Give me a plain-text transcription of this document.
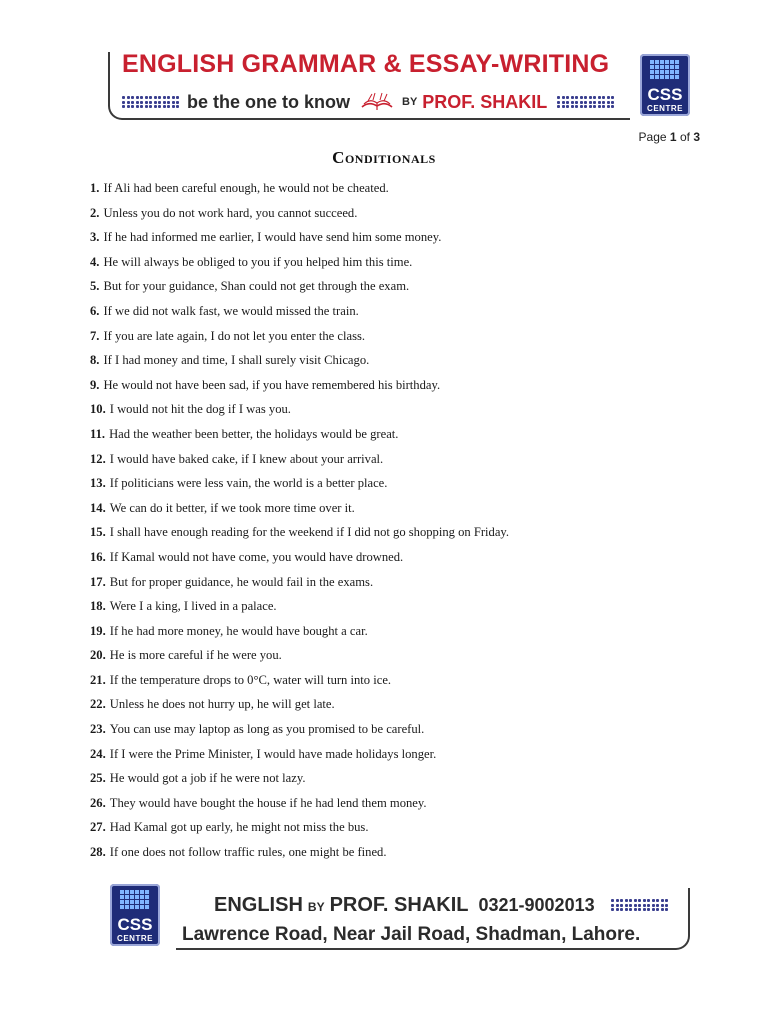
ENGLISH GRAMMAR & ESSAY-WRITING
be the one to know	BY PROF. SHAKIL	CSS
CENTRE
Page 1 of 3
Conditionals
1. If Ali had been careful enough, he would not be cheated.
2. Unless you do not work hard, you cannot succeed.
3. If he had informed me earlier, I would have send him some money.
4. He will always be obliged to you if you helped him this time.
5. But for your guidance, Shan could not get through the exam.
6. If we did not walk fast, we would missed the train.
7. If you are late again, I do not let you enter the class.
8. If I had money and time, I shall surely visit Chicago.
9. He would not have been sad, if you have remembered his birthday.
10. I would not hit the dog if I was you.
11. Had the weather been better, the holidays would be great.
12. I would have baked cake, if I knew about your arrival.
13. If politicians were less vain, the world is a better place.
14. We can do it better, if we took more time over it.
15. I shall have enough reading for the weekend if I did not go shopping on Friday.
16. If Kamal would not have come, you would have drowned.
17. But for proper guidance, he would fail in the exams.
18. Were I a king, I lived in a palace.
19. If he had more money, he would have bought a car.
20. He is more careful if he were you.
21. If the temperature drops to 0°C, water will turn into ice.
22. Unless he does not hurry up, he will get late.
23. You can use may laptop as long as you promised to be careful.
24. If I were the Prime Minister, I would have made holidays longer.
25. He would got a job if he were not lazy.
26. They would have bought the house if he had lend them money.
27. Had Kamal got up early, he might not miss the bus.
28. If one does not follow traffic rules, one might be fined.
ENGLISH BY PROF. SHAKIL 0321-9002013
Lawrence Road, Near Jail Road, Shadman, Lahore.
CSS
CENTRE
